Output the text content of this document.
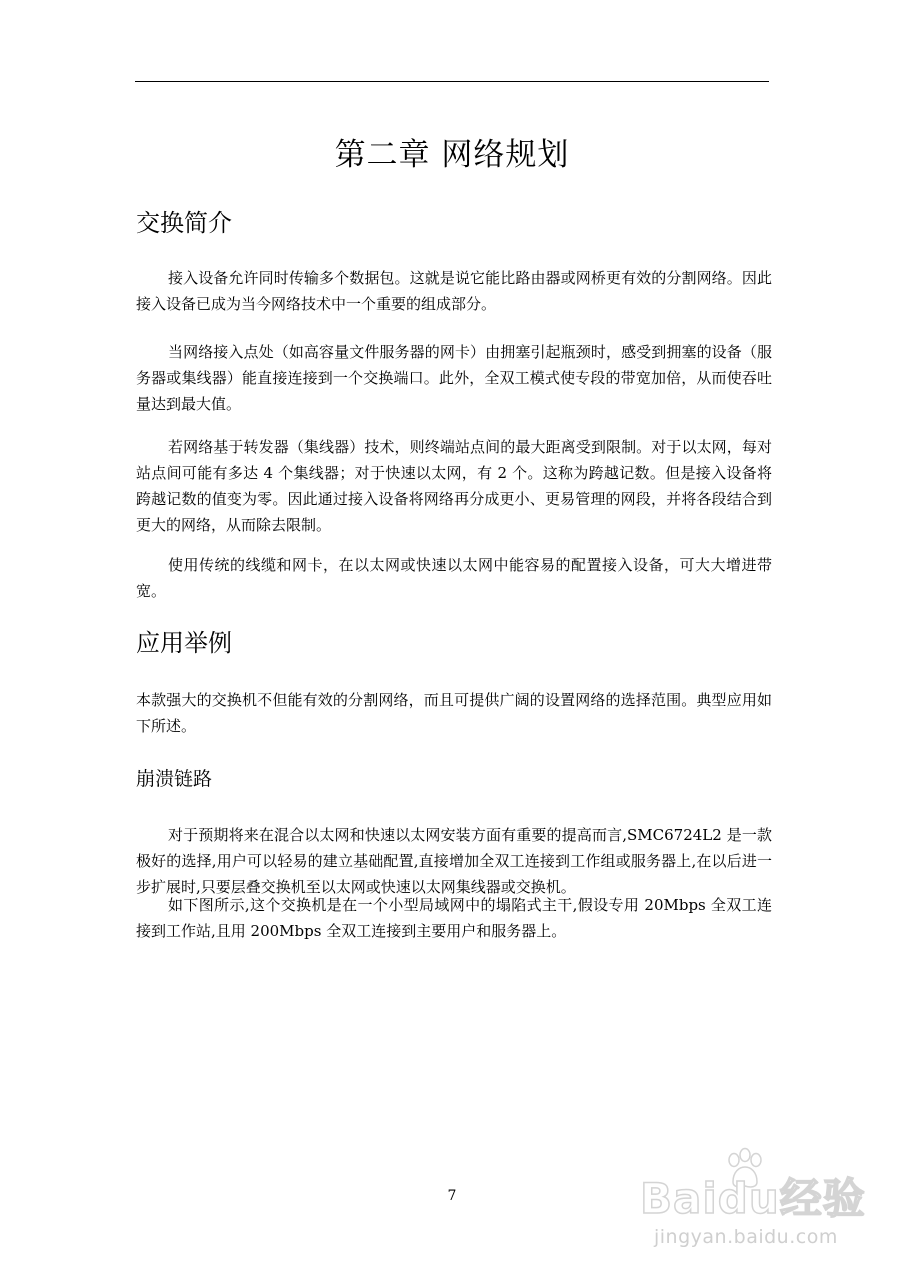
第二章 网络规划
交换简介

接入设备允许同时传输多个数据包。这就是说它能比路由器或网桥更有效的分割网络。因此接入设备已成为当今网络技术中一个重要的组成部分。

当网络接入点处（如高容量文件服务器的网卡）由拥塞引起瓶颈时，感受到拥塞的设备（服务器或集线器）能直接连接到一个交换端口。此外，全双工模式使专段的带宽加倍，从而使吞吐量达到最大值。

若网络基于转发器（集线器）技术，则终端站点间的最大距离受到限制。对于以太网，每对站点间可能有多达 4 个集线器；对于快速以太网，有 2 个。这称为跨越记数。但是接入设备将跨越记数的值变为零。因此通过接入设备将网络再分成更小、更易管理的网段，并将各段结合到更大的网络，从而除去限制。

使用传统的线缆和网卡，在以太网或快速以太网中能容易的配置接入设备，可大大增进带宽。

应用举例

本款强大的交换机不但能有效的分割网络，而且可提供广阔的设置网络的选择范围。典型应用如下所述。

崩溃链路

对于预期将来在混合以太网和快速以太网安装方面有重要的提高而言,SMC6724L2 是一款极好的选择,用户可以轻易的建立基础配置,直接增加全双工连接到工作组或服务器上,在以后进一步扩展时,只要层叠交换机至以太网或快速以太网集线器或交换机。

如下图所示,这个交换机是在一个小型局域网中的塌陷式主干,假设专用 20Mbps 全双工连接到工作站,且用 200Mbps 全双工连接到主要用户和服务器上。

7	Baidu经验
jingyan.baidu.com
